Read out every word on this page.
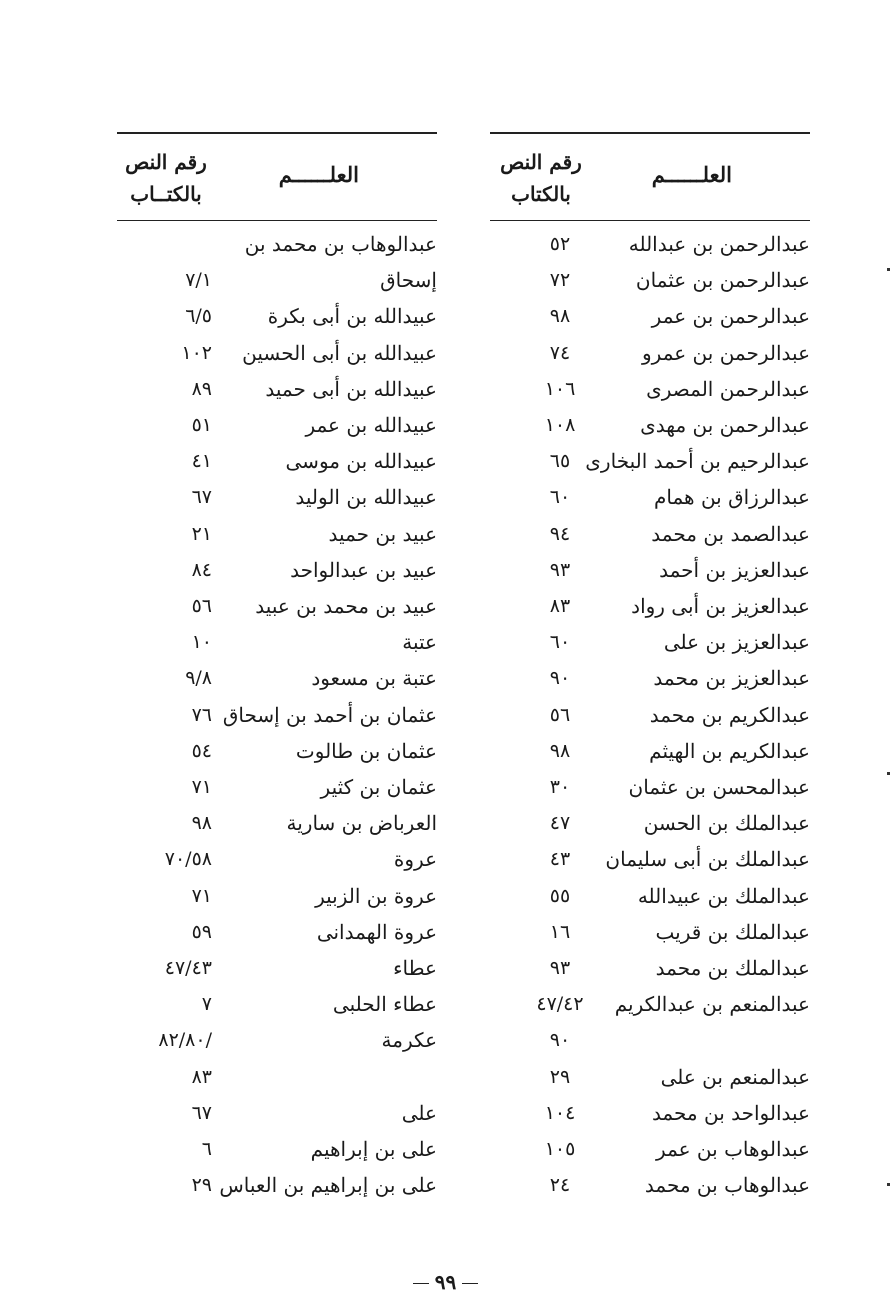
العلــــــم
رقم النص
بالكتــاب
عبدالوهاب بن محمد بن
إسحاق
٧/١
عبيدالله بن أبى بكرة
٦/٥
عبيدالله بن أبى الحسين
١٠٢
عبيدالله بن أبى حميد
٨٩
عبيدالله بن عمر
٥١
عبيدالله بن موسى
٤١
عبيدالله بن الوليد
٦٧
عبيد بن حميد
٢١
عبيد بن عبدالواحد
٨٤
عبيد بن محمد بن عبيد
٥٦
عتبة
١٠
عتبة بن مسعود
٩/٨
عثمان بن أحمد بن إسحاق
٧٦
عثمان بن طالوت
٥٤
عثمان بن كثير
٧١
العرباض بن سارية
٩٨
عروة
٧٠/٥٨
عروة بن الزبير
٧١
عروة الهمدانى
٥٩
عطاء
٤٧/٤٣
عطاء الحلبى
٧
عكرمة
/٨٢/٨٠
٨٣
على
٦٧
على بن إبراهيم
٦
على بن إبراهيم بن العباس
٢٩
العلــــــم
رقم النص
بالكتاب
عبدالرحمن بن عبدالله
٥٢
عبدالرحمن بن عثمان
٧٢
عبدالرحمن بن عمر
٩٨
عبدالرحمن بن عمرو
٧٤
عبدالرحمن المصرى
١٠٦
عبدالرحمن بن مهدى
١٠٨
عبدالرحيم بن أحمد البخارى
٦٥
عبدالرزاق بن همام
٦٠
عبدالصمد بن محمد
٩٤
عبدالعزيز بن أحمد
٩٣
عبدالعزيز بن أبى رواد
٨٣
عبدالعزيز بن على
٦٠
عبدالعزيز بن محمد
٩٠
عبدالكريم بن محمد
٥٦
عبدالكريم بن الهيثم
٩٨
عبدالمحسن بن عثمان
٣٠
عبدالملك بن الحسن
٤٧
عبدالملك بن أبى سليمان
٤٣
عبدالملك بن عبيدالله
٥٥
عبدالملك بن قريب
١٦
عبدالملك بن محمد
٩٣
عبدالمنعم بن عبدالكريم
٤٧/٤٢
٩٠
عبدالمنعم بن على
٢٩
عبدالواحد بن محمد
١٠٤
عبدالوهاب بن عمر
١٠٥
عبدالوهاب بن محمد
٢٤
٩٩
